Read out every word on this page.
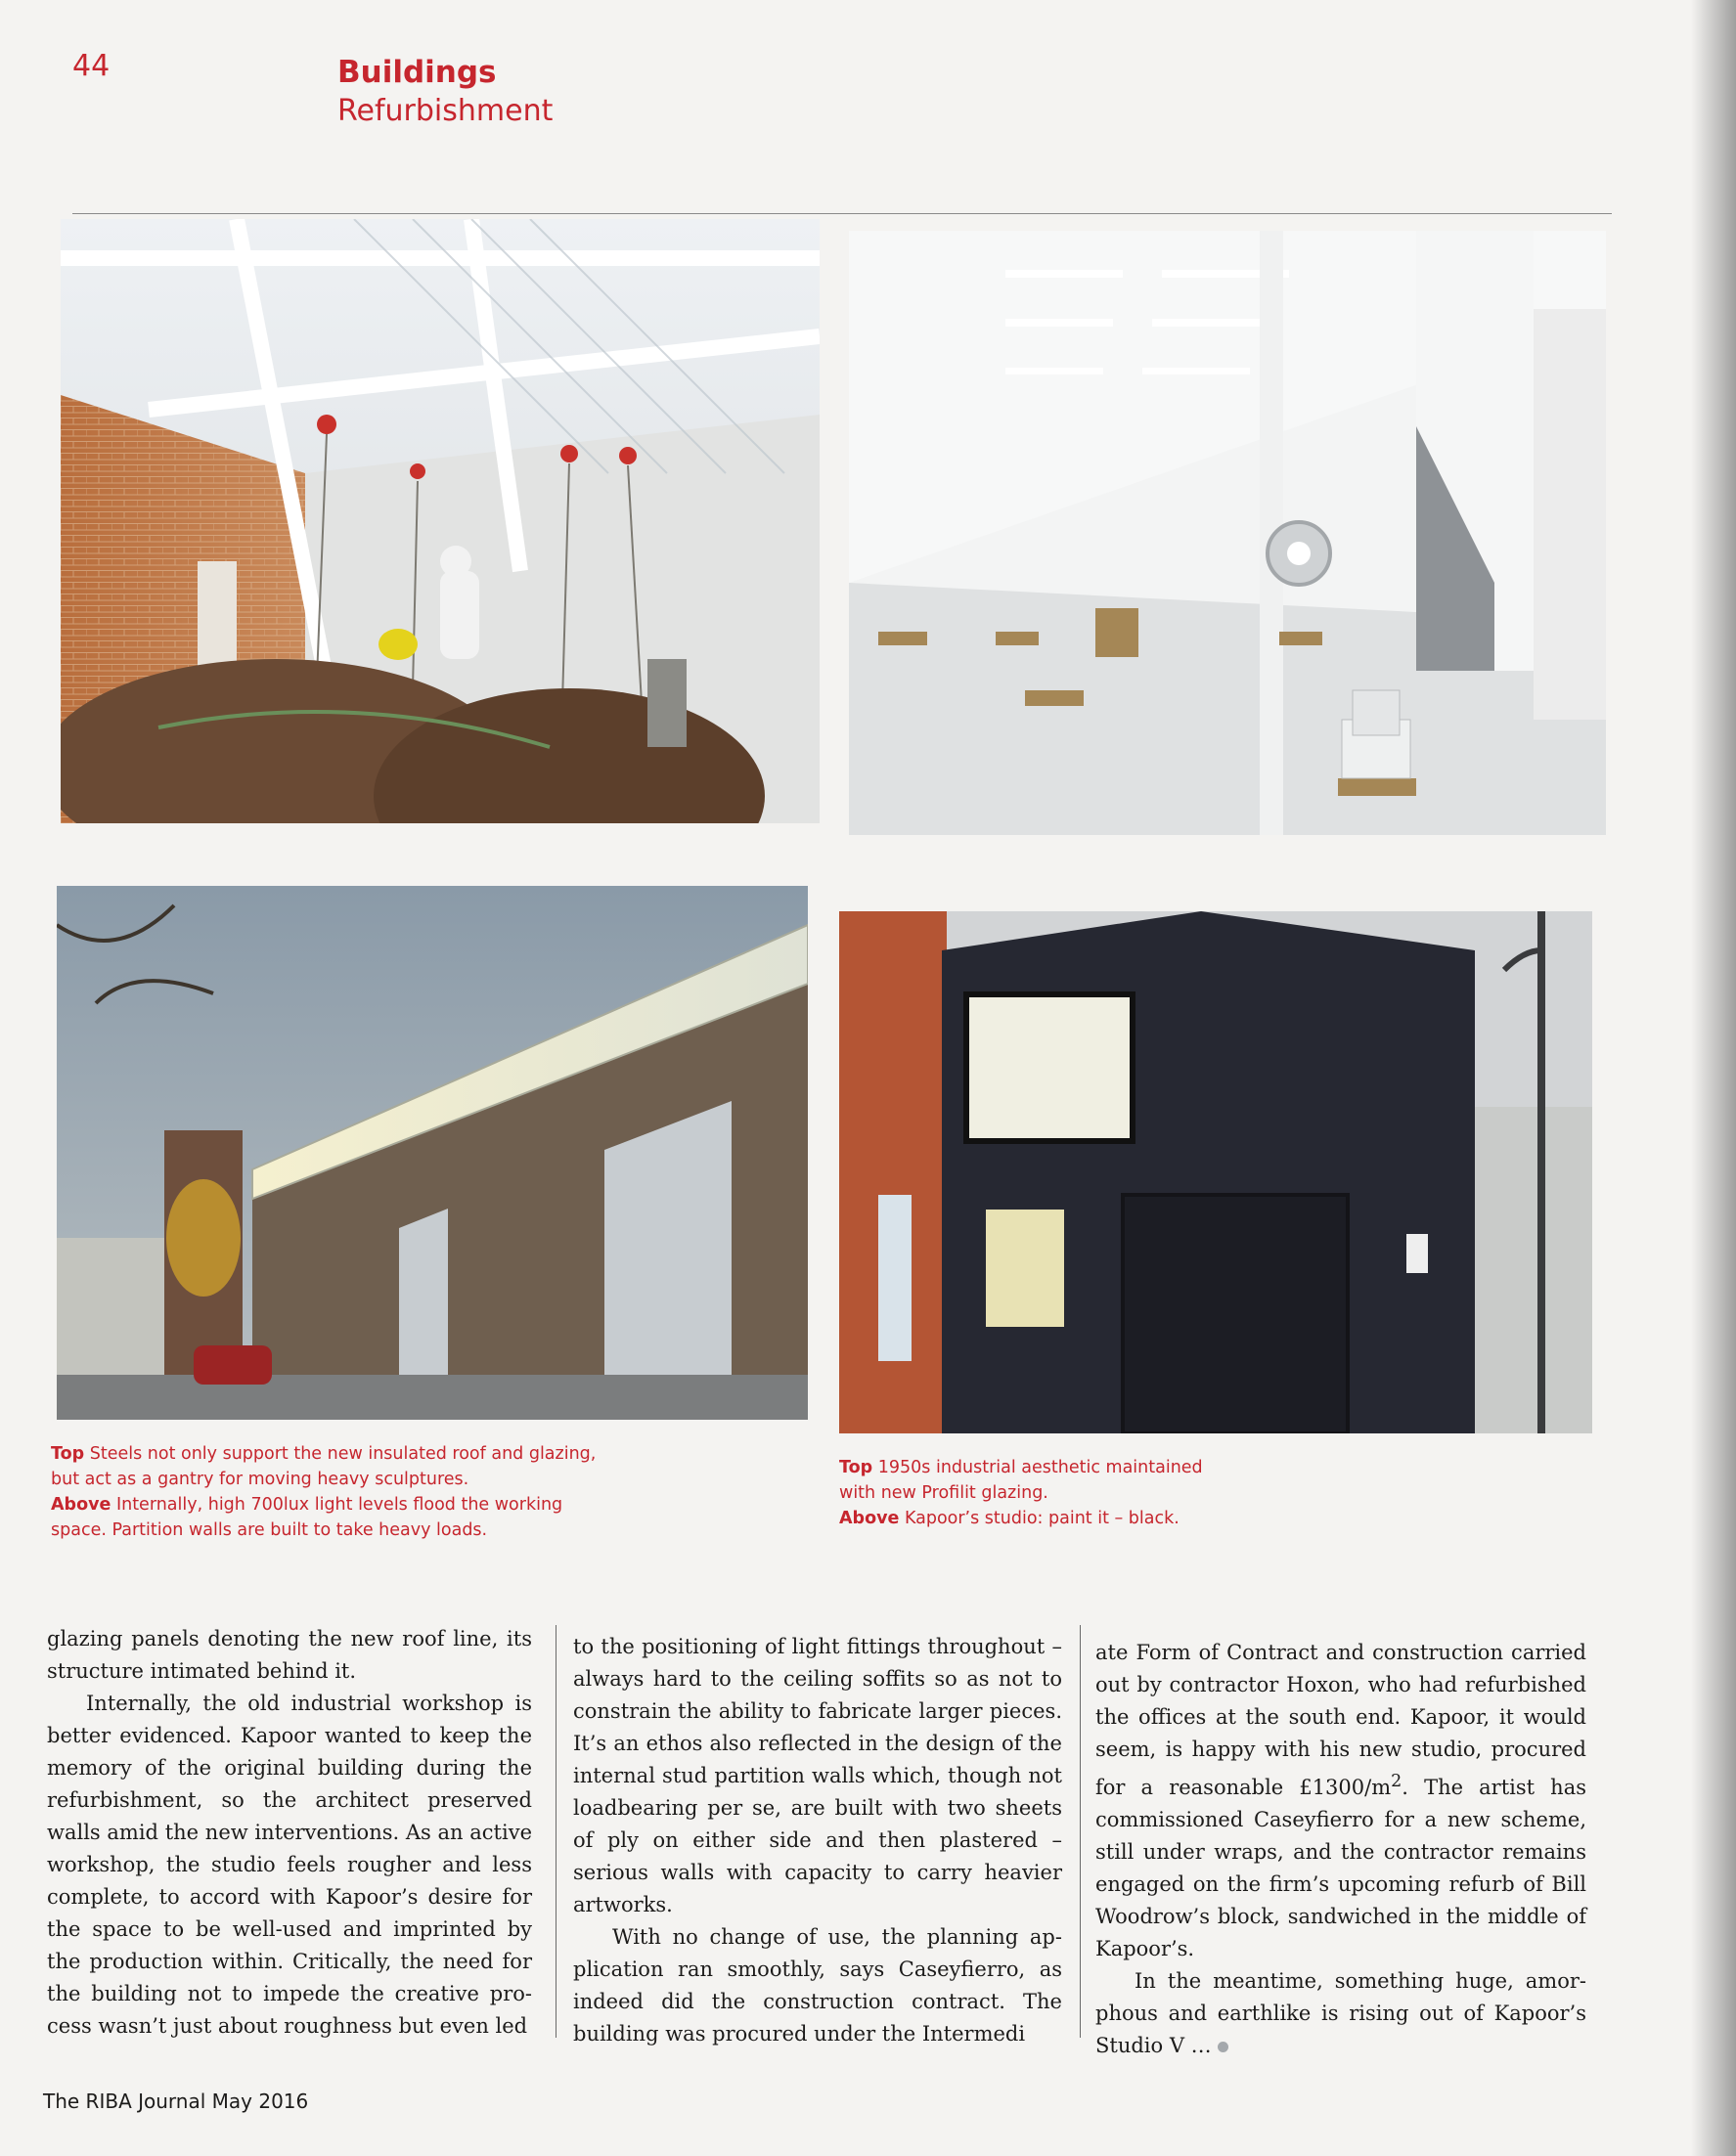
44	Buildings
Refurbishment
Top Steels not only support the new insulated roof and glazing, but act as a gantry for moving heavy sculptures.
Above Internally, high 700lux light levels flood the working space. Partition walls are built to take heavy loads.
Top 1950s industrial aesthetic maintained with new Profilit glazing.
Above Kapoor’s studio: paint it – black.

glazing panels denoting the new roof line, its structure intimated behind it.

Internally, the old industrial workshop is better evidenced. Kapoor wanted to keep the memory of the original building during the refurbishment, so the architect preserved walls amid the new interventions. As an active workshop, the studio feels rougher and less complete, to accord with Kapoor’s desire for the space to be well-used and imprinted by the production within. Critically, the need for the building not to impede the creative process wasn’t just about roughness but even led

to the positioning of light fittings throughout – always hard to the ceiling soffits so as not to constrain the ability to fabricate larger pieces. It’s an ethos also reflected in the design of the internal stud partition walls which, though not loadbearing per se, are built with two sheets of ply on either side and then plastered – serious walls with capacity to carry heavier artworks.

With no change of use, the planning application ran smoothly, says Caseyfierro, as indeed did the construction contract. The building was procured under the Intermedi

ate Form of Contract and construction carried out by contractor Hoxon, who had refurbished the offices at the south end. Kapoor, it would seem, is happy with his new studio, procured for a reasonable $£1300/m^2$. The artist has commissioned Caseyfierro for a new scheme, still under wraps, and the contractor remains engaged on the firm’s upcoming refurb of Bill Woodrow’s block, sandwiched in the middle of Kapoor’s.

In the meantime, something huge, amorphous and earthlike is rising out of Kapoor’s Studio V …

The RIBA Journal May 2016
